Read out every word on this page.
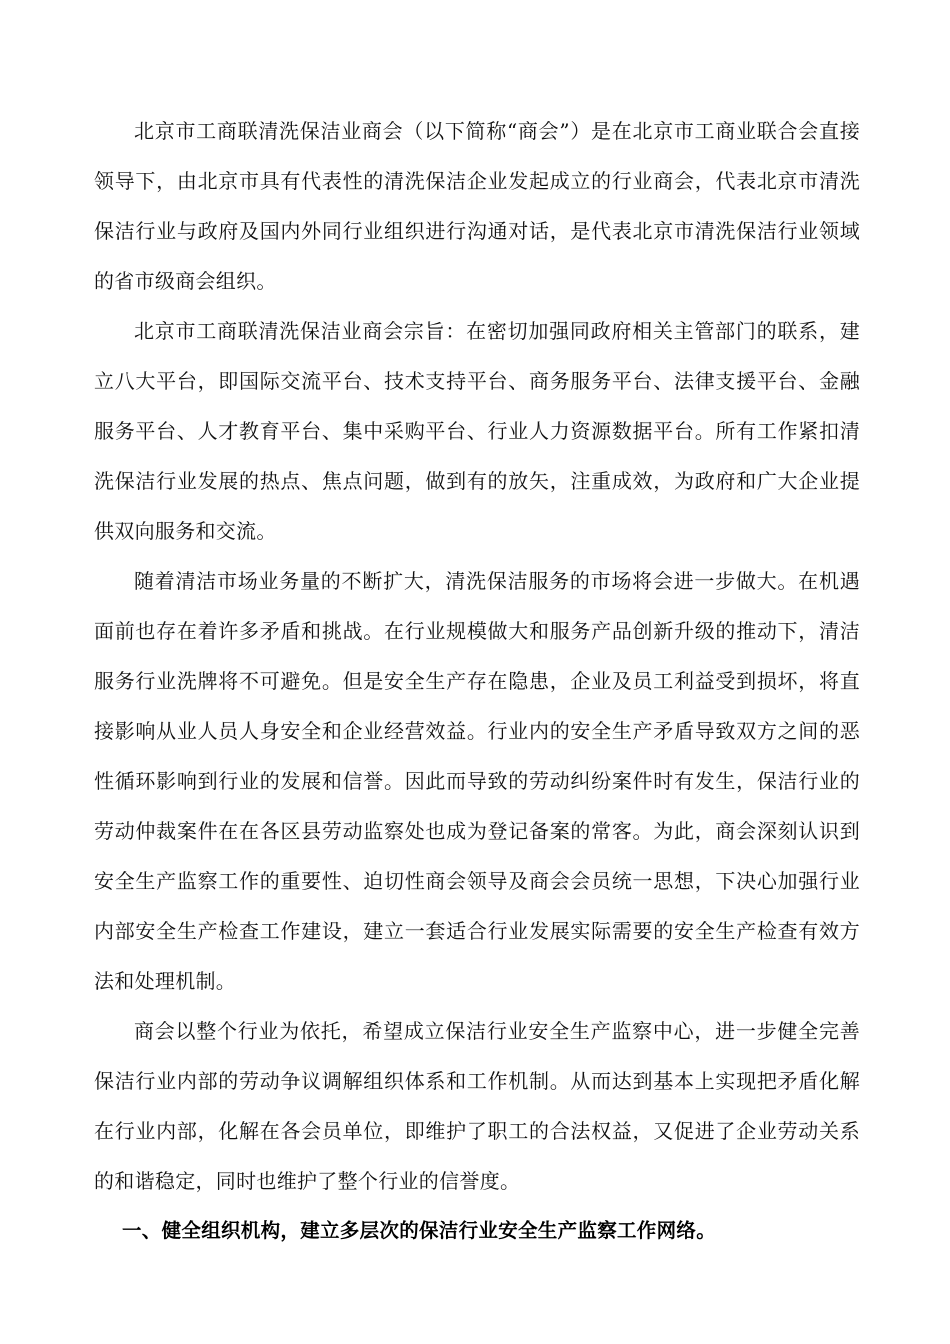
北京市工商联清洗保洁业商会（以下简称“商会”）是在北京市工商业联合会直接领导下，由北京市具有代表性的清洗保洁企业发起成立的行业商会，代表北京市清洗保洁行业与政府及国内外同行业组织进行沟通对话，是代表北京市清洗保洁行业领域的省市级商会组织。

北京市工商联清洗保洁业商会宗旨：在密切加强同政府相关主管部门的联系，建立八大平台，即国际交流平台、技术支持平台、商务服务平台、法律支援平台、金融服务平台、人才教育平台、集中采购平台、行业人力资源数据平台。所有工作紧扣清洗保洁行业发展的热点、焦点问题，做到有的放矢，注重成效，为政府和广大企业提供双向服务和交流。

随着清洁市场业务量的不断扩大，清洗保洁服务的市场将会进一步做大。在机遇面前也存在着许多矛盾和挑战。在行业规模做大和服务产品创新升级的推动下，清洁服务行业洗牌将不可避免。但是安全生产存在隐患，企业及员工利益受到损坏，将直接影响从业人员人身安全和企业经营效益。行业内的安全生产矛盾导致双方之间的恶性循环影响到行业的发展和信誉。因此而导致的劳动纠纷案件时有发生，保洁行业的劳动仲裁案件在在各区县劳动监察处也成为登记备案的常客。为此，商会深刻认识到安全生产监察工作的重要性、迫切性商会领导及商会会员统一思想，下决心加强行业内部安全生产检查工作建设，建立一套适合行业发展实际需要的安全生产检查有效方法和处理机制。

商会以整个行业为依托，希望成立保洁行业安全生产监察中心，进一步健全完善保洁行业内部的劳动争议调解组织体系和工作机制。从而达到基本上实现把矛盾化解在行业内部，化解在各会员单位，即维护了职工的合法权益，又促进了企业劳动关系的和谐稳定，同时也维护了整个行业的信誉度。

一、健全组织机构，建立多层次的保洁行业安全生产监察工作网络。
